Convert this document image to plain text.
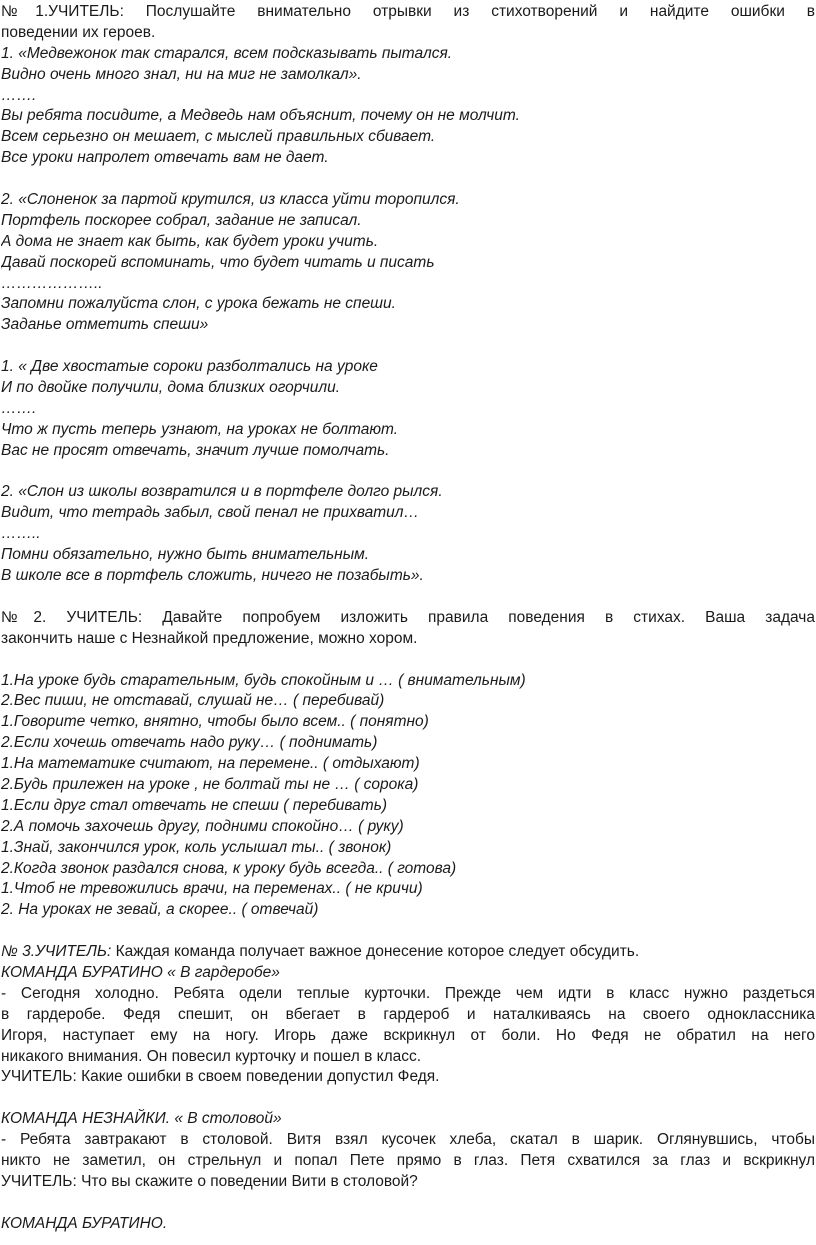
№1.УЧИТЕЛЬ: Послушайте внимательно отрывки из стихотворений и найдите ошибки в
поведении их героев.
1. «Медвежонок так старался, всем подсказывать пытался.
Видно очень много знал, ни на миг не замолкал».
…….
Вы ребята посидите, а Медведь нам объяснит, почему он не молчит.
Всем серьезно он мешает, с мыслей правильных сбивает.
Все уроки напролет отвечать вам не дает.
2. «Слоненок за партой крутился, из класса уйти торопился.
Портфель поскорее собрал, задание не записал.
А дома не знает как быть, как будет уроки учить.
Давай поскорей вспоминать, что будет читать и писать
………………..
Запомни пожалуйста слон, с урока бежать не спеши.
Заданье отметить спеши»
1. « Две хвостатые сороки разболтались на уроке
И по двойке получили, дома близких огорчили.
…….
Что ж пусть теперь узнают, на уроках не болтают.
Вас не просят отвечать, значит лучше помолчать.
2. «Слон из школы возвратился и в портфеле долго рылся.
Видит, что тетрадь забыл, свой пенал не прихватил…
……..
Помни обязательно, нужно быть внимательным.
В школе все в портфель сложить, ничего не позабыть».
№2. УЧИТЕЛЬ: Давайте попробуем изложить правила поведения в стихах. Ваша задача
закончить наше с Незнайкой предложение, можно хором.
1.На уроке будь старательным, будь спокойным и … ( внимательным)
2.Вес пиши, не отставай, слушай не… ( перебивай)
1.Говорите четко, внятно, чтобы было всем.. ( понятно)
2.Если хочешь отвечать надо руку… ( поднимать)
1.На математике считают, на перемене.. ( отдыхают)
2.Будь прилежен на уроке , не болтай ты не … ( сорока)
1.Если друг стал отвечать не спеши ( перебивать)
2.А помочь захочешь другу, подними спокойно… ( руку)
1.Знай, закончился урок, коль услышал ты.. ( звонок)
2.Когда звонок раздался снова, к уроку будь всегда.. ( готова)
1.Чтоб не тревожились врачи, на переменах.. ( не кричи)
2. На уроках не зевай, а скорее.. ( отвечай)
№ 3.УЧИТЕЛЬ: Каждая команда получает важное донесение которое следует обсудить.
КОМАНДА БУРАТИНО « В гардеробе»
- Сегодня холодно. Ребята одели теплые курточки. Прежде чем идти в класс нужно раздеться
в гардеробе. Федя спешит, он вбегает в гардероб и наталкиваясь на своего одноклассника
Игоря, наступает ему на ногу. Игорь даже вскрикнул от боли. Но Федя не обратил на него
никакого внимания. Он повесил курточку и пошел в класс.
УЧИТЕЛЬ: Какие ошибки в своем поведении допустил Федя.
КОМАНДА НЕЗНАЙКИ. « В столовой»
- Ребята завтракают в столовой. Витя взял кусочек хлеба, скатал в шарик. Оглянувшись, чтобы
никто не заметил, он стрельнул и попал Пете прямо в глаз. Петя схватился за глаз и вскрикнул
УЧИТЕЛЬ: Что вы скажите о поведении Вити в столовой?
КОМАНДА БУРАТИНО.
